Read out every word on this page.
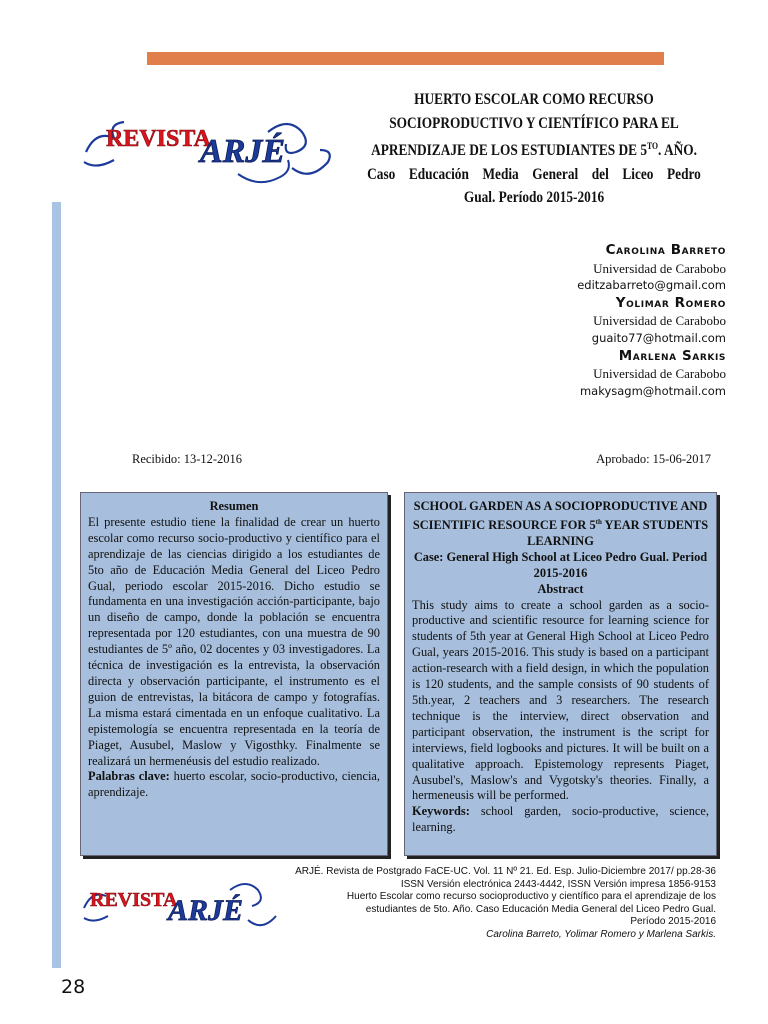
REVISTA
ARJÉ
HUERTO ESCOLAR COMO RECURSO
SOCIOPRODUCTIVO Y CIENTÍFICO PARA EL
APRENDIZAJE DE LOS ESTUDIANTES DE $5^{TO}$. AÑO.
Caso Educación Media General del Liceo Pedro
Gual. Período 2015-2016
Carolina Barreto
Universidad de Carabobo
editzabarreto@gmail.com
Yolimar Romero
Universidad de Carabobo
guaito77@hotmail.com
Marlena Sarkis
Universidad de Carabobo
makysagm@hotmail.com
Recibido: 13-12-2016	Aprobado: 15-06-2017
Resumen
El presente estudio tiene la finalidad de crear un huerto escolar como recurso socio-productivo y científico para el aprendizaje de las ciencias dirigido a los estudiantes de 5to año de Educación Media General del Liceo Pedro Gual, periodo escolar 2015-2016. Dicho estudio se fundamenta en una investigación acción-participante, bajo un diseño de campo, donde la población se encuentra representada por 120 estudiantes, con una muestra de 90 estudiantes de 5º año, 02 docentes y 03 investigadores. La técnica de investigación es la entrevista, la observación directa y observación participante, el instrumento es el guion de entrevistas, la bitácora de campo y fotografías. La misma estará cimentada en un enfoque cualitativo. La epistemología se encuentra representada en la teoría de Piaget, Ausubel, Maslow y Vigosthky. Finalmente se realizará un hermenéusis del estudio realizado.
Palabras clave: huerto escolar, socio-productivo, ciencia, aprendizaje.
SCHOOL GARDEN AS A SOCIOPRODUCTIVE AND SCIENTIFIC RESOURCE FOR 5th YEAR STUDENTS LEARNING
Case: General High School at Liceo Pedro Gual. Period 2015-2016
Abstract
This study aims to create a school garden as a socio-productive and scientific resource for learning science for students of 5th year at General High School at Liceo Pedro Gual, years 2015-2016. This study is based on a participant action-research with a field design, in which the population is 120 students, and the sample consists of 90 students of 5th.year, 2 teachers and 3 researchers. The research technique is the interview, direct observation and participant observation, the instrument is the script for interviews, field logbooks and pictures. It will be built on a qualitative approach. Epistemology represents Piaget, Ausubel's, Maslow's and Vygotsky's theories. Finally, a hermeneusis will be performed.
Keywords: school garden, socio-productive, science, learning.
REVISTA
ARJÉ
ARJÉ. Revista de Postgrado FaCE-UC. Vol. 11 Nº 21. Ed. Esp. Julio-Diciembre 2017/ pp.28-36
ISSN Versión electrónica 2443-4442, ISSN Versión impresa 1856-9153
Huerto Escolar como recurso socioproductivo y científico para el aprendizaje de los
estudiantes de 5to. Año. Caso Educación Media General del Liceo Pedro Gual.
Período 2015-2016
Carolina Barreto, Yolimar Romero y Marlena Sarkis.
28
